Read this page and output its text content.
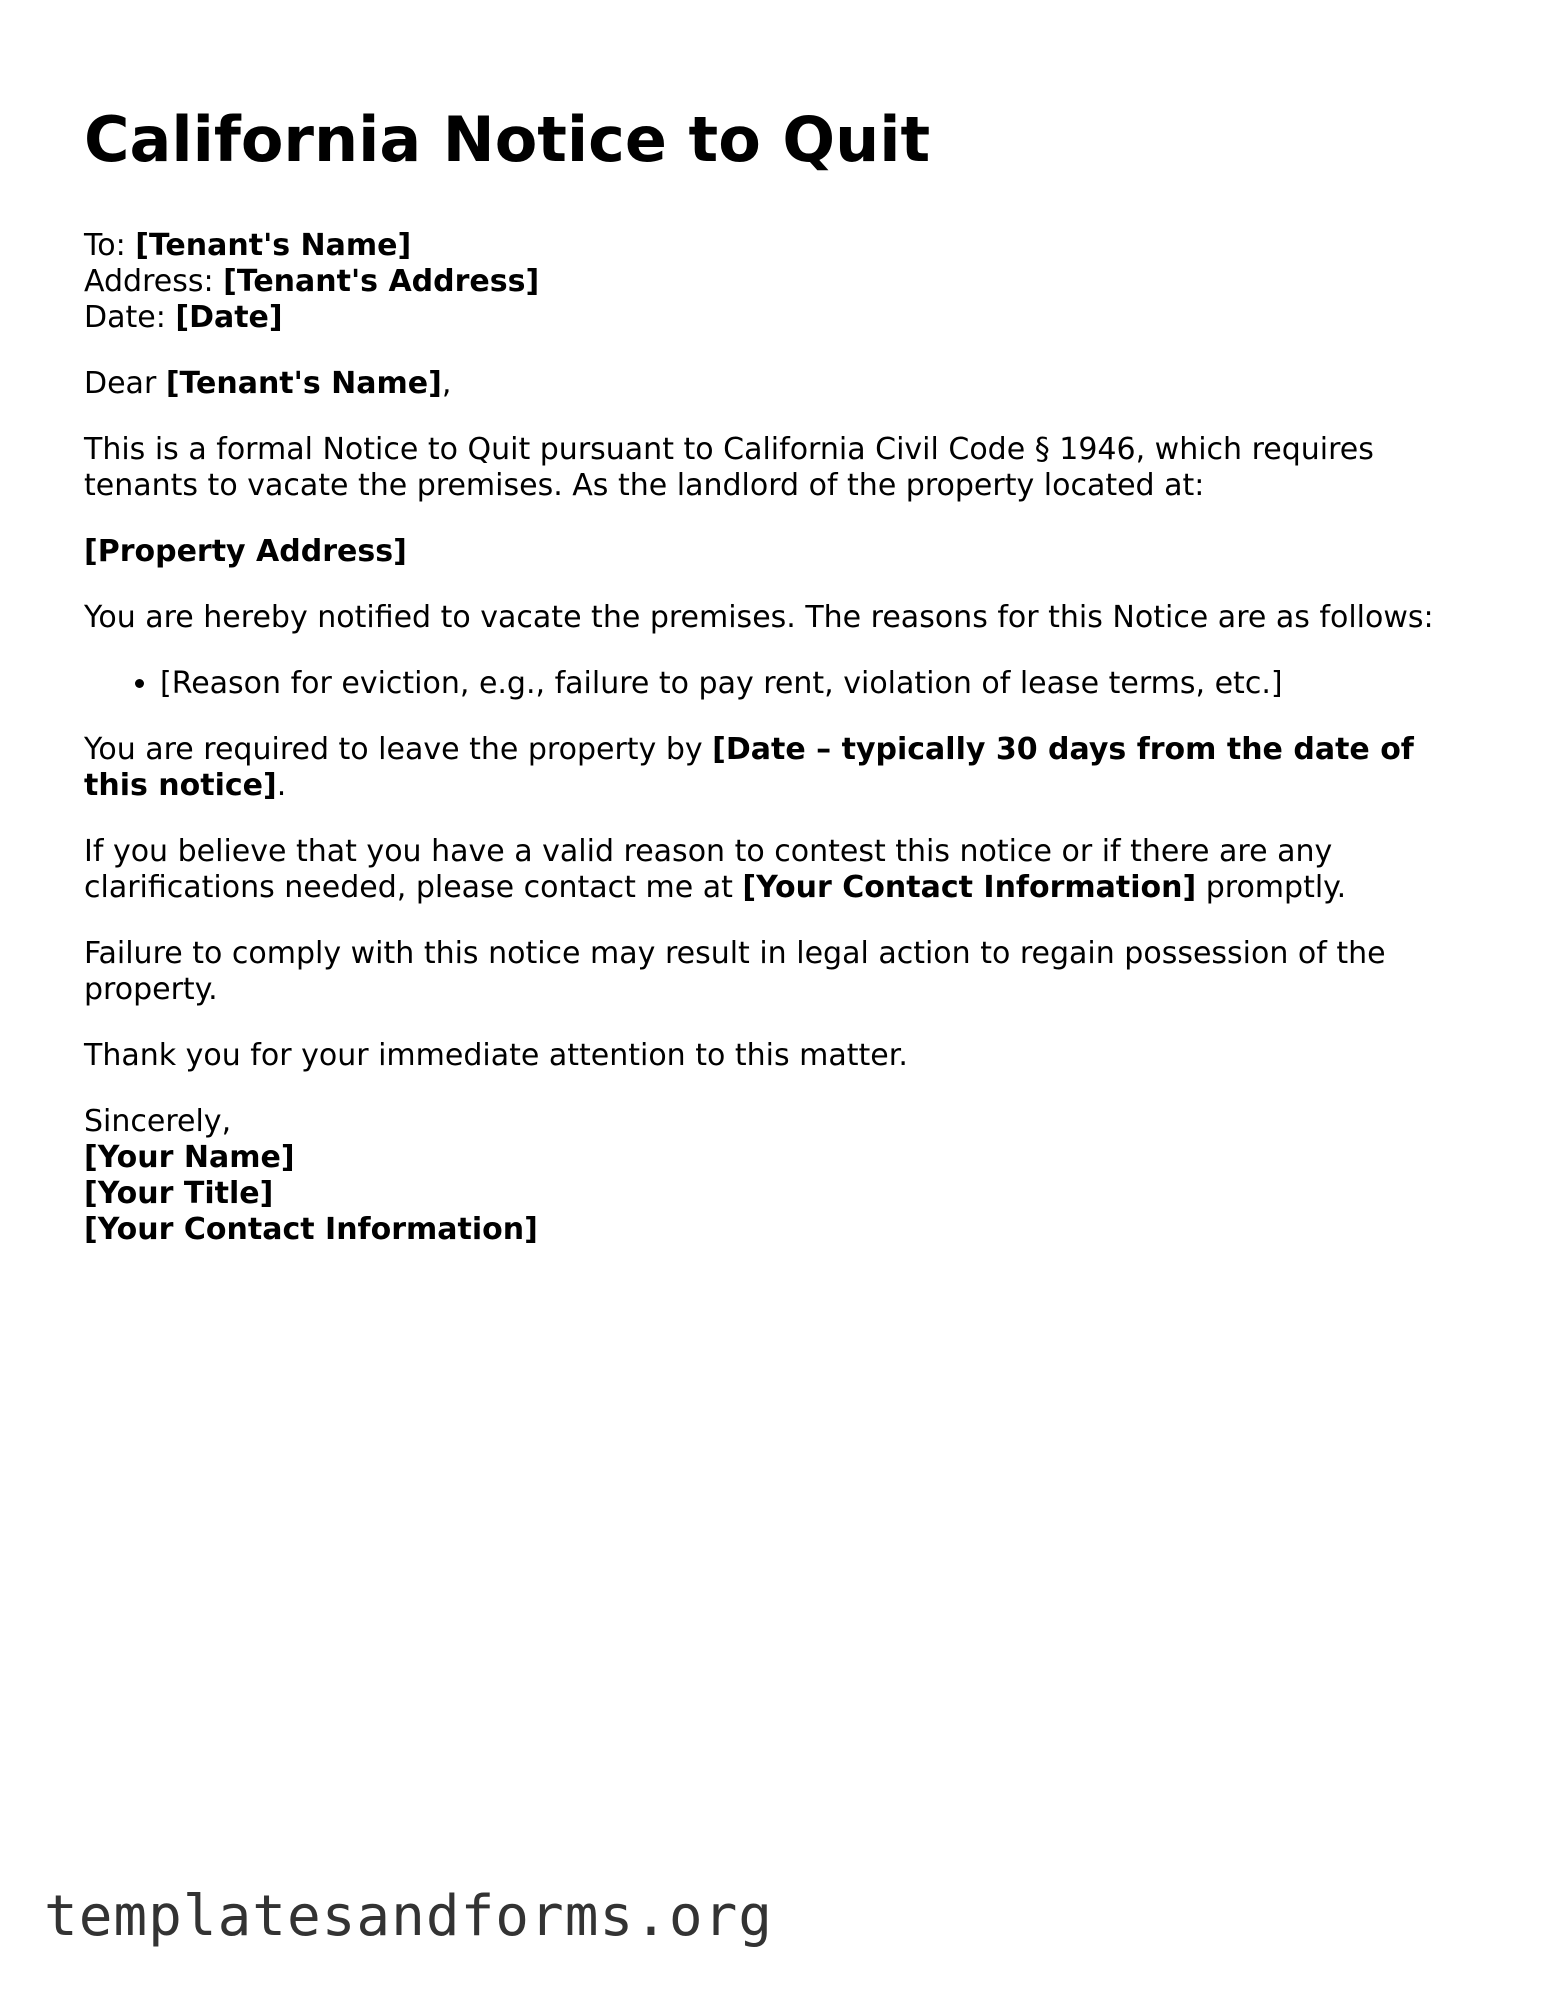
California Notice to Quit

To: [Tenant's Name]
Address: [Tenant's Address]
Date: [Date]

Dear [Tenant's Name],

This is a formal Notice to Quit pursuant to California Civil Code § 1946, which requires tenants to vacate the premises. As the landlord of the property located at:

[Property Address]

You are hereby notified to vacate the premises. The reasons for this Notice are as follows:

• [Reason for eviction, e.g., failure to pay rent, violation of lease terms, etc.]

You are required to leave the property by [Date – typically 30 days from the date of this notice].

If you believe that you have a valid reason to contest this notice or if there are any clarifications needed, please contact me at [Your Contact Information] promptly.

Failure to comply with this notice may result in legal action to regain possession of the property.

Thank you for your immediate attention to this matter.

Sincerely,
[Your Name]
[Your Title]
[Your Contact Information]

templatesandforms.org
